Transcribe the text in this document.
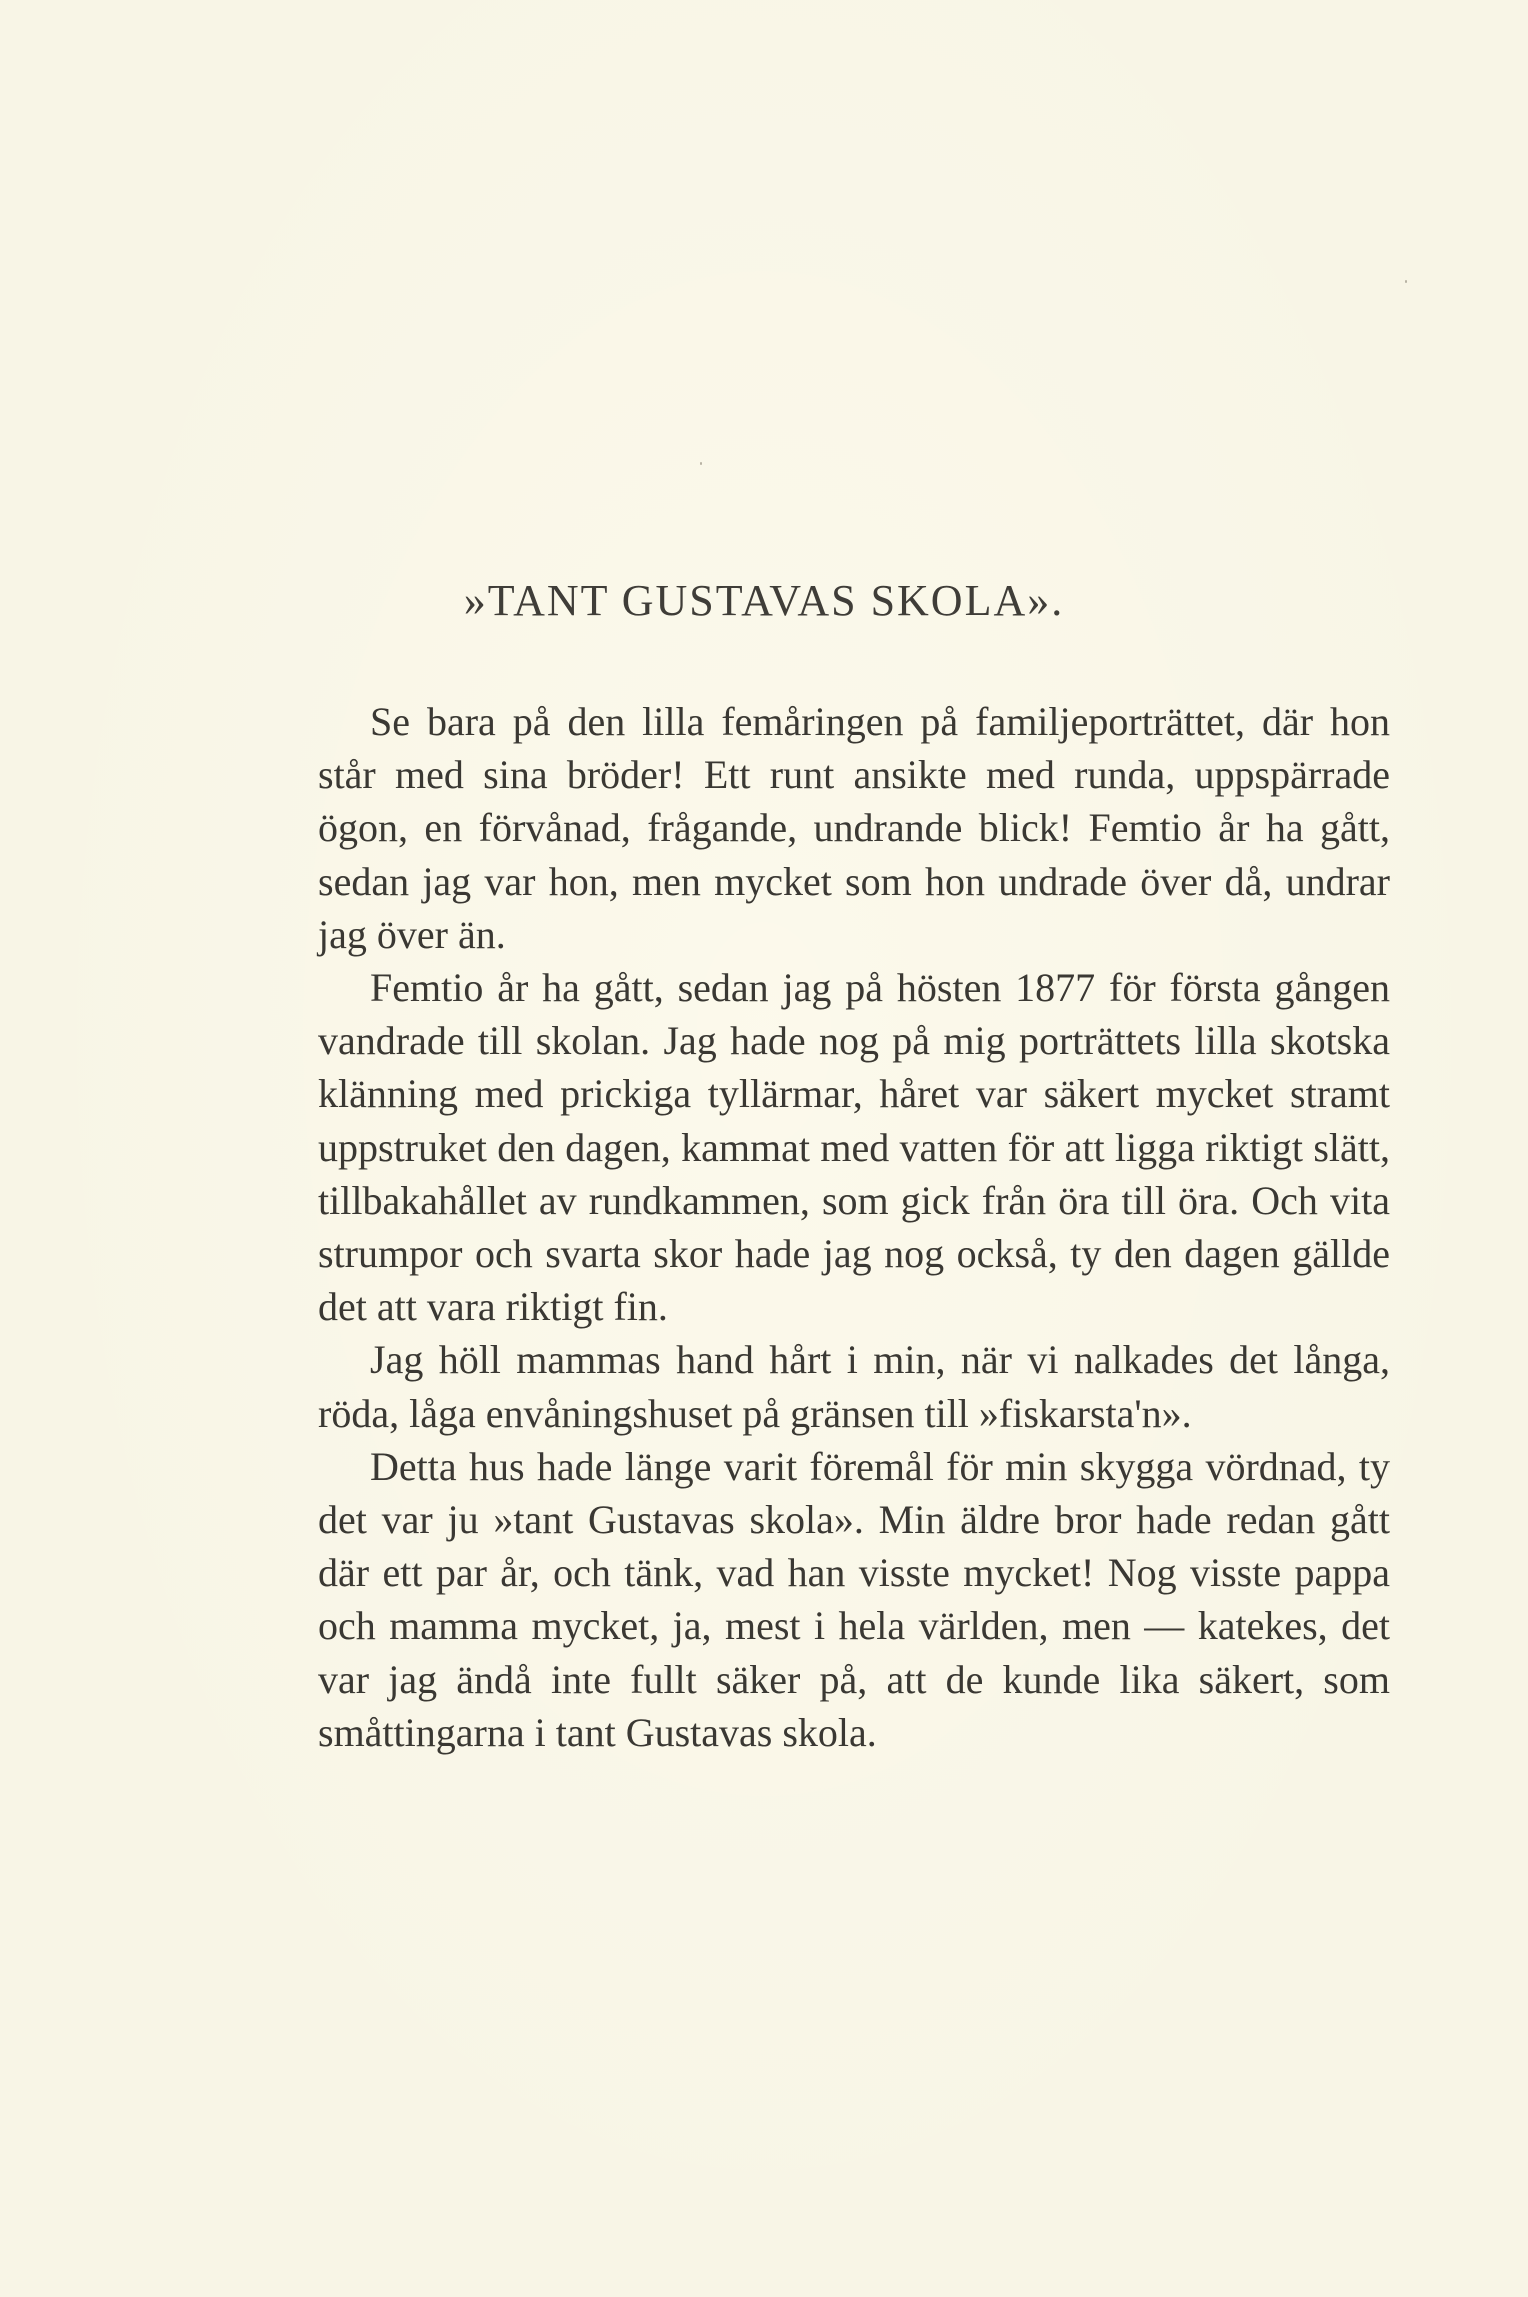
»TANT GUSTAVAS SKOLA».

Se bara på den lilla femåringen på familjeporträttet, där hon står med sina bröder! Ett runt ansikte med runda, uppspärrade ögon, en förvånad, frågande, undrande blick! Femtio år ha gått, sedan jag var hon, men mycket som hon undrade över då, undrar jag över än.

Femtio år ha gått, sedan jag på hösten 1877 för första gången vandrade till skolan. Jag hade nog på mig porträttets lilla skotska klänning med prickiga tyllärmar, håret var säkert mycket stramt uppstruket den dagen, kammat med vatten för att ligga riktigt slätt, tillbakahållet av rundkammen, som gick från öra till öra. Och vita strumpor och svarta skor hade jag nog också, ty den dagen gällde det att vara riktigt fin.

Jag höll mammas hand hårt i min, när vi nalkades det långa, röda, låga envåningshuset på gränsen till »fiskarsta'n».

Detta hus hade länge varit föremål för min skygga vördnad, ty det var ju »tant Gustavas skola». Min äldre bror hade redan gått där ett par år, och tänk, vad han visste mycket! Nog visste pappa och mamma mycket, ja, mest i hela världen, men — katekes, det var jag ändå inte fullt säker på, att de kunde lika säkert, som småttingarna i tant Gustavas skola.
